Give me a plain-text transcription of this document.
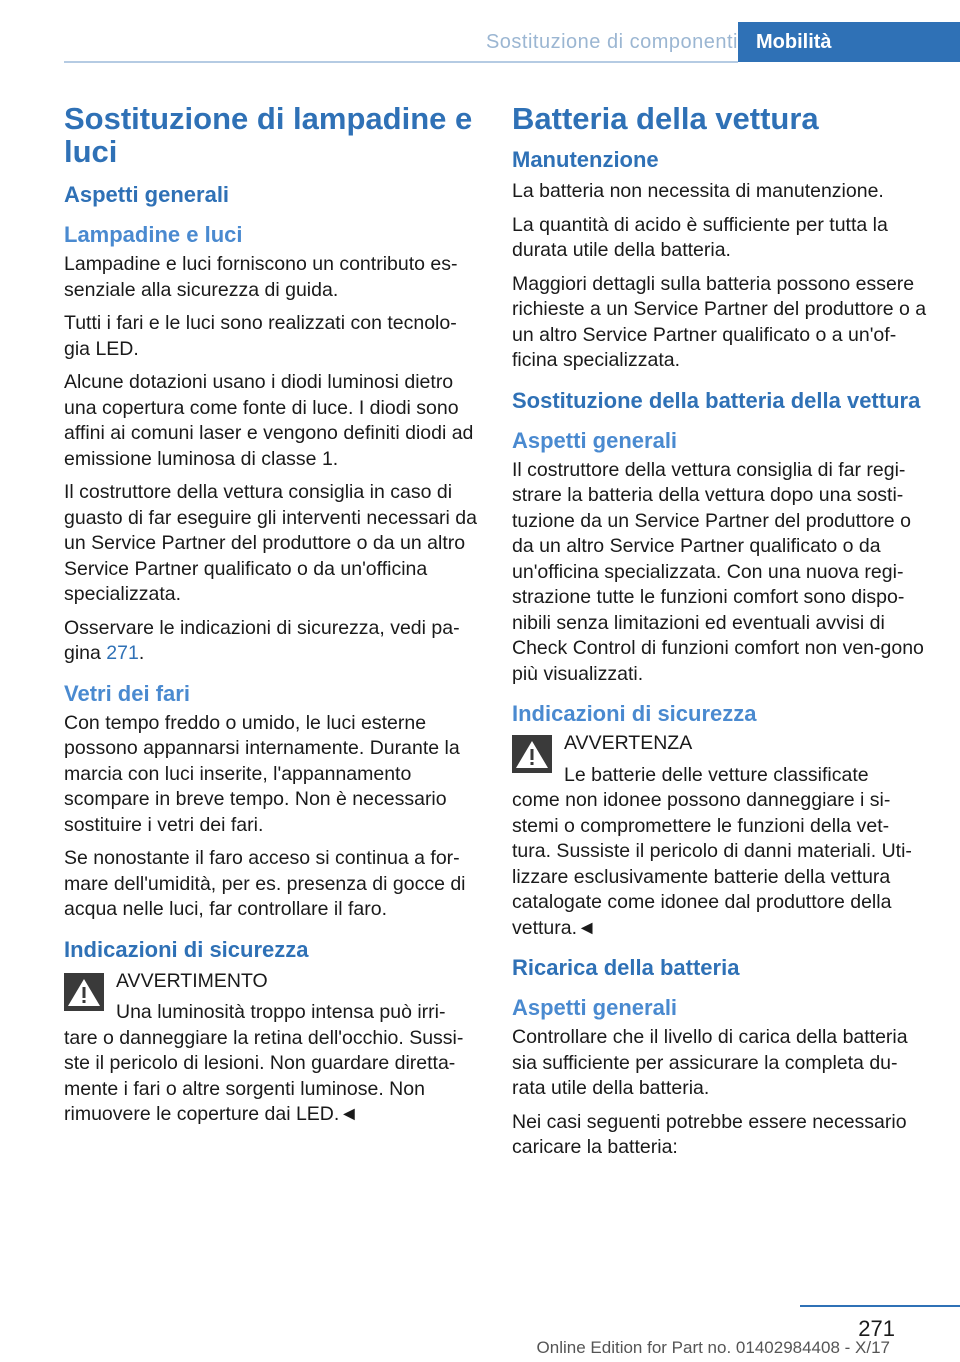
Sostituzione di componenti Mobilità
Sostituzione di lampadine e luci
Aspetti generali
Lampadine e luci
Lampadine e luci forniscono un contributo es-senziale alla sicurezza di guida.
Tutti i fari e le luci sono realizzati con tecnolo-gia LED.
Alcune dotazioni usano i diodi luminosi dietro una copertura come fonte di luce. I diodi sono affini ai comuni laser e vengono definiti diodi ad emissione luminosa di classe 1.
Il costruttore della vettura consiglia in caso di guasto di far eseguire gli interventi necessari da un Service Partner del produttore o da un altro Service Partner qualificato o da un'officina specializzata.
Osservare le indicazioni di sicurezza, vedi pa-gina 271.
Vetri dei fari
Con tempo freddo o umido, le luci esterne possono appannarsi internamente. Durante la marcia con luci inserite, l'appannamento scompare in breve tempo. Non è necessario sostituire i vetri dei fari.
Se nonostante il faro acceso si continua a for-mare dell'umidità, per es. presenza di gocce di acqua nelle luci, far controllare il faro.
Indicazioni di sicurezza
AVVERTIMENTO
Una luminosità troppo intensa può irri-
tare o danneggiare la retina dell'occhio. Sussi-ste il pericolo di lesioni. Non guardare diretta-mente i fari o altre sorgenti luminose. Non rimuovere le coperture dai LED.◄
Batteria della vettura
Manutenzione
La batteria non necessita di manutenzione.
La quantità di acido è sufficiente per tutta la durata utile della batteria.
Maggiori dettagli sulla batteria possono essere richieste a un Service Partner del produttore o a un altro Service Partner qualificato o a un'of-ficina specializzata.
Sostituzione della batteria della vettura
Aspetti generali
Il costruttore della vettura consiglia di far regi-strare la batteria della vettura dopo una sosti-tuzione da un Service Partner del produttore o da un altro Service Partner qualificato o da un'officina specializzata. Con una nuova regi-strazione tutte le funzioni comfort sono dispo-nibili senza limitazioni ed eventuali avvisi di Check Control di funzioni comfort non ven-gono più visualizzati.
Indicazioni di sicurezza
AVVERTENZA
Le batterie delle vetture classificate
come non idonee possono danneggiare i si-stemi o compromettere le funzioni della vet-tura. Sussiste il pericolo di danni materiali. Uti-lizzare esclusivamente batterie della vettura catalogate come idonee dal produttore della vettura.◄
Ricarica della batteria
Aspetti generali
Controllare che il livello di carica della batteria sia sufficiente per assicurare la completa du-rata utile della batteria.
Nei casi seguenti potrebbe essere necessario caricare la batteria:
271
Online Edition for Part no. 01402984408 - X/17
